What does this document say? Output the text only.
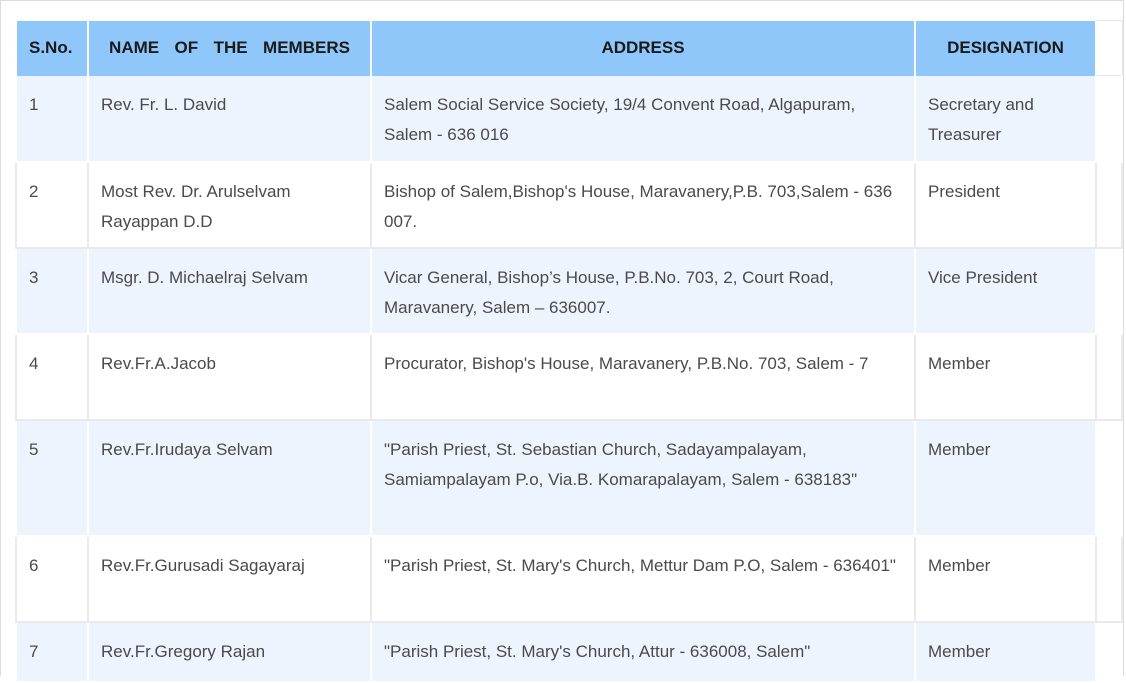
S.No.	NAME  OF  THE  MEMBERS	ADDRESS	DESIGNATION	
1	Rev. Fr. L. David	Salem Social Service Society, 19/4 Convent Road, Algapuram, Salem - 636 016	Secretary and Treasurer	
2	Most Rev. Dr. Arulselvam Rayappan D.D	Bishop of Salem,Bishop's House, Maravanery,P.B. 703,Salem - 636 007.	President	
3	Msgr. D. Michaelraj Selvam	Vicar General, Bishop’s House, P.B.No. 703, 2, Court Road, Maravanery, Salem – 636007.	Vice President	
4	Rev.Fr.A.Jacob	Procurator, Bishop's House, Maravanery, P.B.No. 703, Salem - 7	Member	
5	Rev.Fr.Irudaya Selvam	"Parish Priest, St. Sebastian Church, Sadayampalayam, Samiampalayam P.o, Via.B. Komarapalayam, Salem - 638183"	Member	
6	Rev.Fr.Gurusadi Sagayaraj	"Parish Priest, St. Mary's Church, Mettur Dam P.O, Salem - 636401"	Member	
7	Rev.Fr.Gregory Rajan	"Parish Priest, St. Mary's Church, Attur - 636008, Salem"	Member	
